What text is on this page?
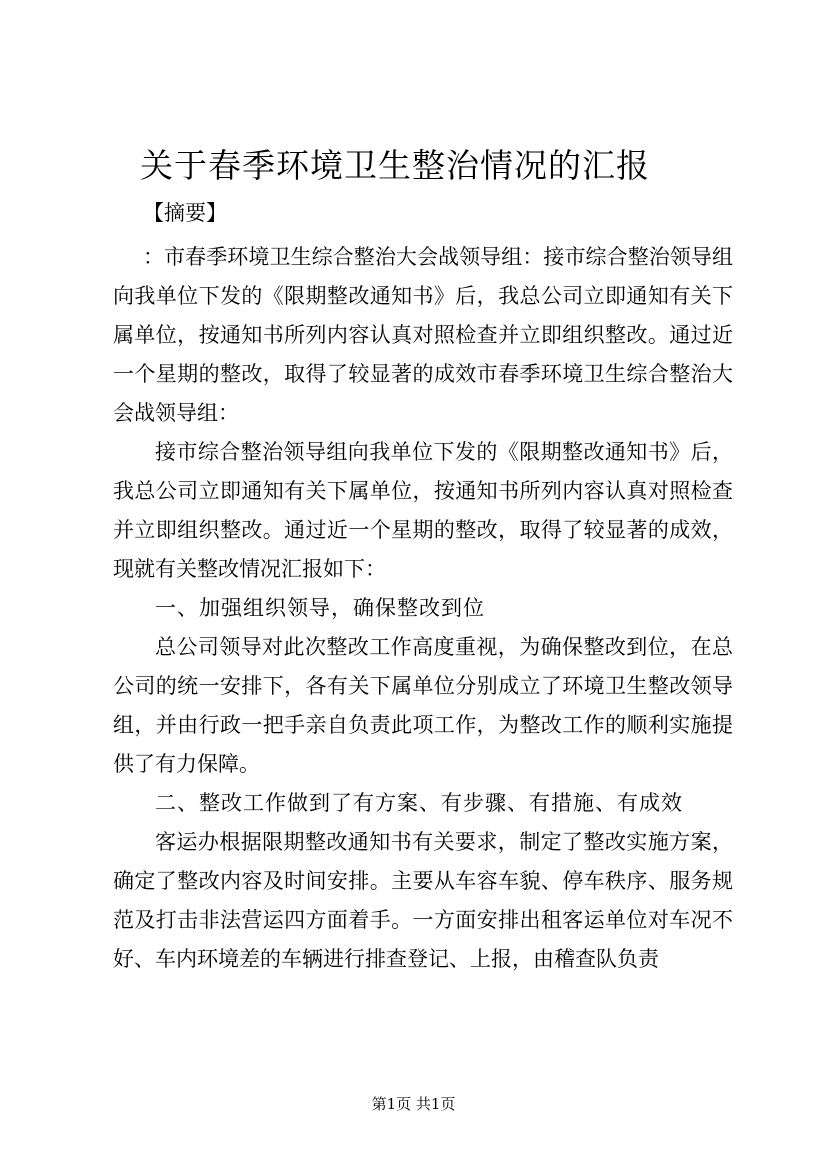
关于春季环境卫生整治情况的汇报
【摘要】

：市春季环境卫生综合整治大会战领导组：接市综合整治领导组向我单位下发的《限期整改通知书》后，我总公司立即通知有关下属单位，按通知书所列内容认真对照检查并立即组织整改。通过近一个星期的整改，取得了较显著的成效市春季环境卫生综合整治大会战领导组：

接市综合整治领导组向我单位下发的《限期整改通知书》后，我总公司立即通知有关下属单位，按通知书所列内容认真对照检查并立即组织整改。通过近一个星期的整改，取得了较显著的成效，现就有关整改情况汇报如下：

一、加强组织领导，确保整改到位

总公司领导对此次整改工作高度重视，为确保整改到位，在总公司的统一安排下，各有关下属单位分别成立了环境卫生整改领导组，并由行政一把手亲自负责此项工作，为整改工作的顺利实施提供了有力保障。

二、整改工作做到了有方案、有步骤、有措施、有成效

客运办根据限期整改通知书有关要求，制定了整改实施方案，确定了整改内容及时间安排。主要从车容车貌、停车秩序、服务规范及打击非法营运四方面着手。一方面安排出租客运单位对车况不好、车内环境差的车辆进行排查登记、上报，由稽查队负责

第1页 共1页
